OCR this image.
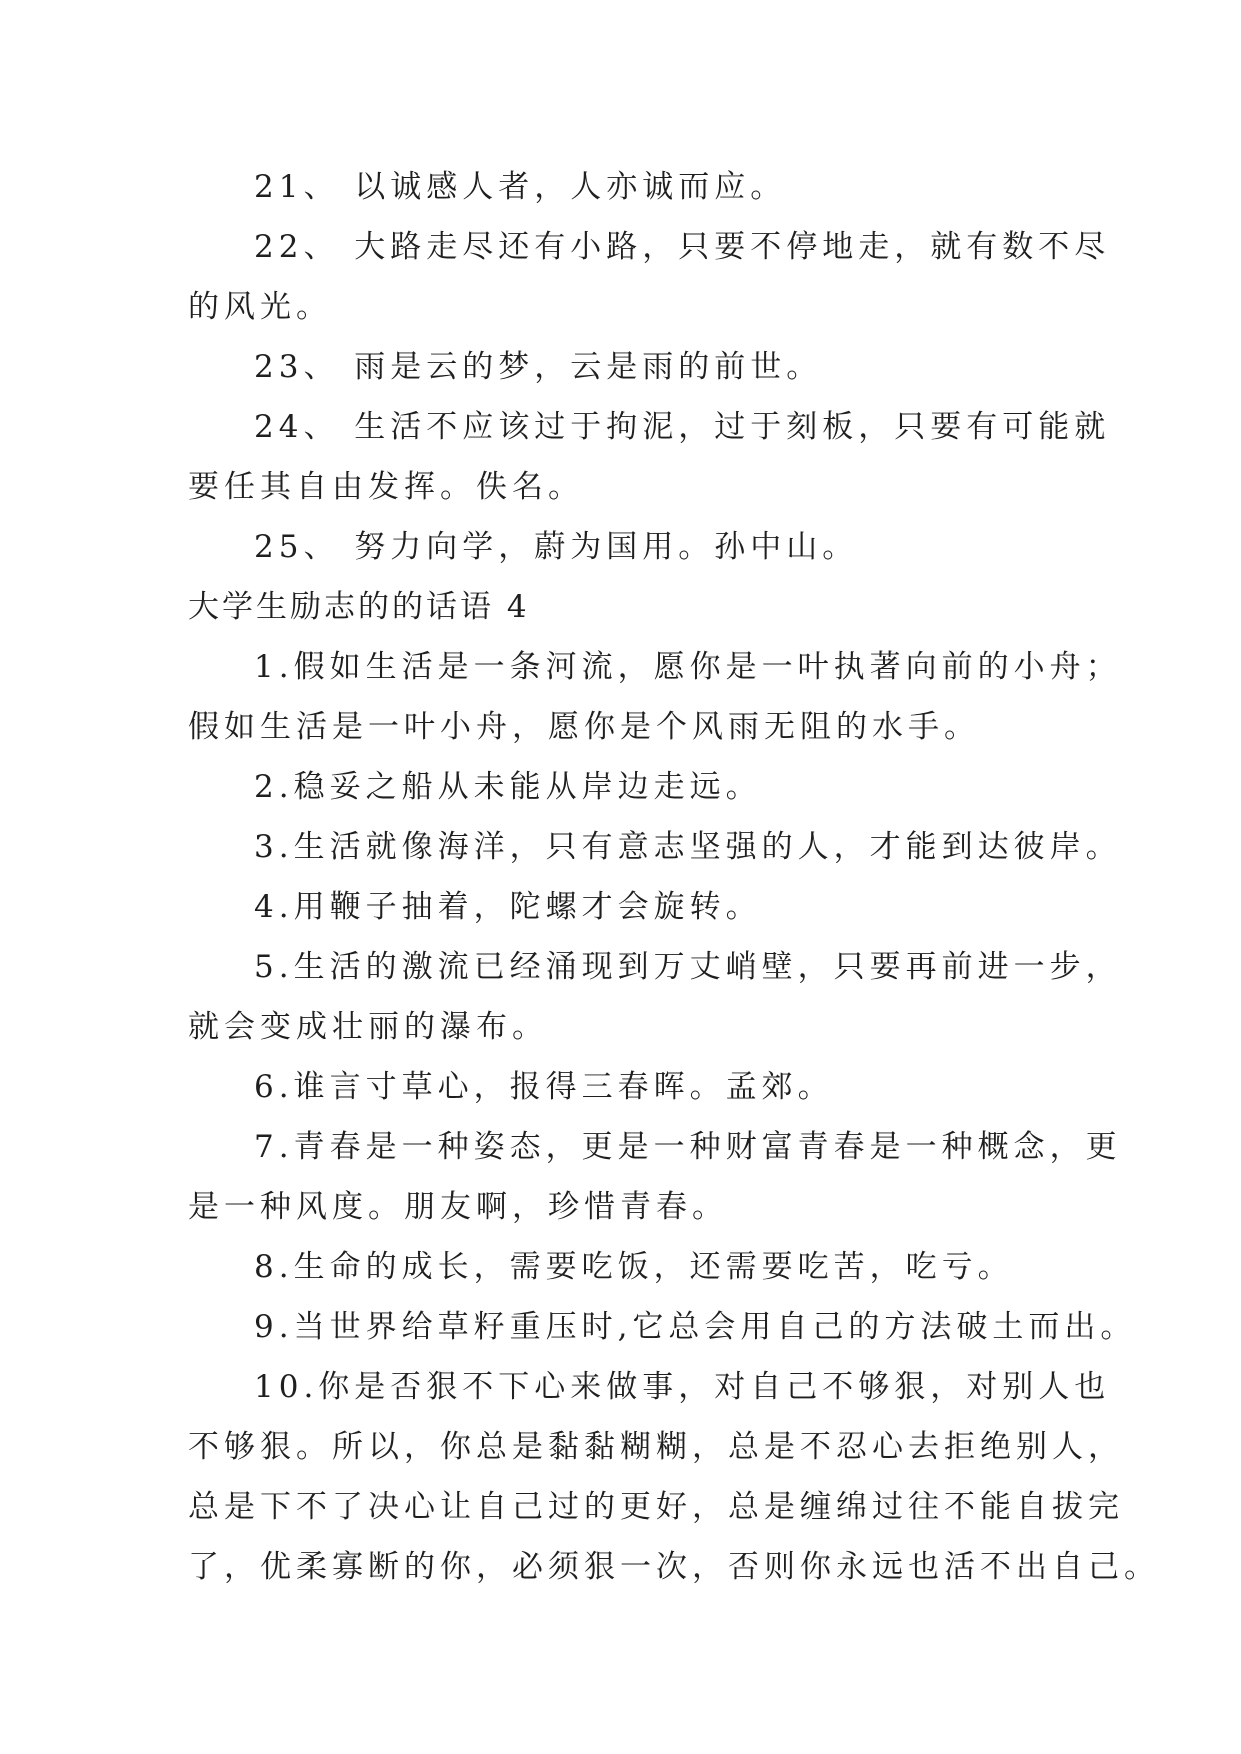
21、 以诚感人者，人亦诚而应。
22、 大路走尽还有小路，只要不停地走，就有数不尽
的风光。
23、 雨是云的梦，云是雨的前世。
24、 生活不应该过于拘泥，过于刻板，只要有可能就
要任其自由发挥。佚名。
25、 努力向学，蔚为国用。孙中山。
大学生励志的的话语 4
1.假如生活是一条河流，愿你是一叶执著向前的小舟；
假如生活是一叶小舟，愿你是个风雨无阻的水手。
2.稳妥之船从未能从岸边走远。
3.生活就像海洋，只有意志坚强的人，才能到达彼岸。
4.用鞭子抽着，陀螺才会旋转。
5.生活的激流已经涌现到万丈峭壁，只要再前进一步，
就会变成壮丽的瀑布。
6.谁言寸草心，报得三春晖。孟郊。
7.青春是一种姿态，更是一种财富青春是一种概念，更
是一种风度。朋友啊，珍惜青春。
8.生命的成长，需要吃饭，还需要吃苦，吃亏。
9.当世界给草籽重压时,它总会用自己的方法破土而出。
10.你是否狠不下心来做事，对自己不够狠，对别人也
不够狠。所以，你总是黏黏糊糊，总是不忍心去拒绝别人，
总是下不了决心让自己过的更好，总是缠绵过往不能自拔完
了，优柔寡断的你，必须狠一次，否则你永远也活不出自己。
